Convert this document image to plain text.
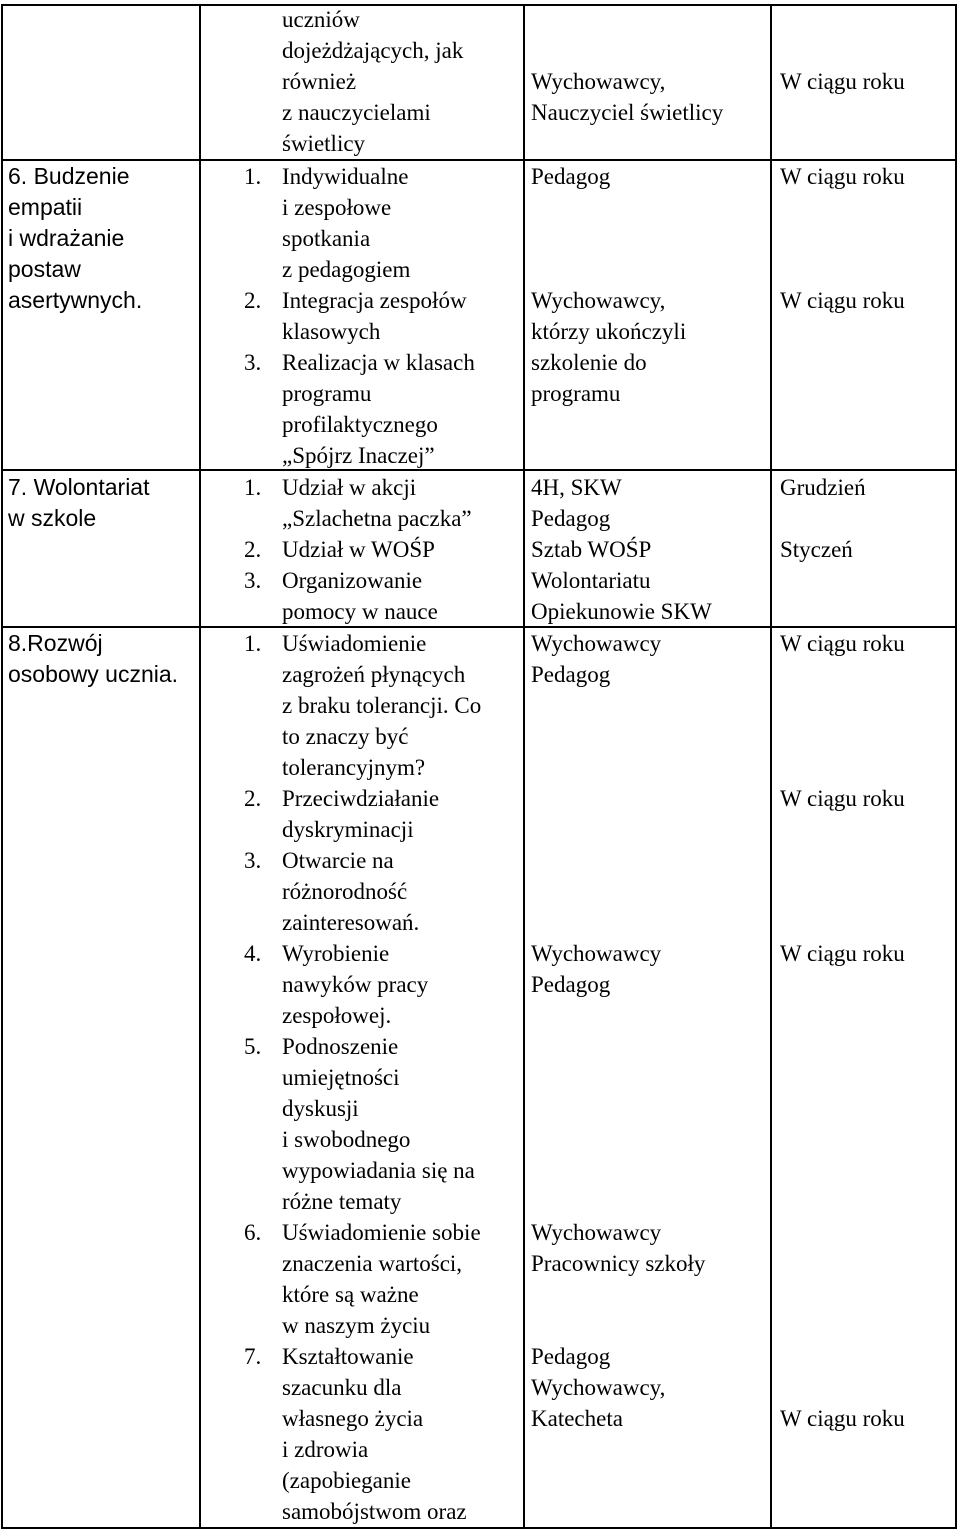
6. Budzenie
empatii
i wdrażanie
postaw
asertywnych.
7. Wolontariat
w szkole
8.Rozwój
osobowy ucznia.
uczniów
dojeżdżających, jak
również
z nauczycielami
świetlicy
1. Indywidualne
i zespołowe
spotkania
z pedagogiem
2. Integracja zespołów
klasowych
3. Realizacja w klasach
programu
profilaktycznego
„Spójrz Inaczej”
1. Udział w akcji
„Szlachetna paczka”
2. Udział w WOŚP
3. Organizowanie
pomocy w nauce
1. Uświadomienie
zagrożeń płynących
z braku tolerancji. Co
to znaczy być
tolerancyjnym?
2. Przeciwdziałanie
dyskryminacji
3. Otwarcie na
różnorodność
zainteresowań.
4. Wyrobienie
nawyków pracy
zespołowej.
5. Podnoszenie
umiejętności
dyskusji
i swobodnego
wypowiadania się na
różne tematy
6. Uświadomienie sobie
znaczenia wartości,
które są ważne
w naszym życiu
7. Kształtowanie
szacunku dla
własnego życia
i zdrowia
(zapobieganie
samobójstwom oraz
Wychowawcy,
Nauczyciel świetlicy
Pedagog
Wychowawcy,
którzy ukończyli
szkolenie do
programu
4H, SKW
Pedagog
Sztab WOŚP
Wolontariatu
Opiekunowie SKW
Wychowawcy
Pedagog
Wychowawcy
Pedagog
Wychowawcy
Pracownicy szkoły
Pedagog
Wychowawcy,
Katecheta
W ciągu roku
W ciągu roku
W ciągu roku
Grudzień
Styczeń
W ciągu roku
W ciągu roku
W ciągu roku
W ciągu roku
